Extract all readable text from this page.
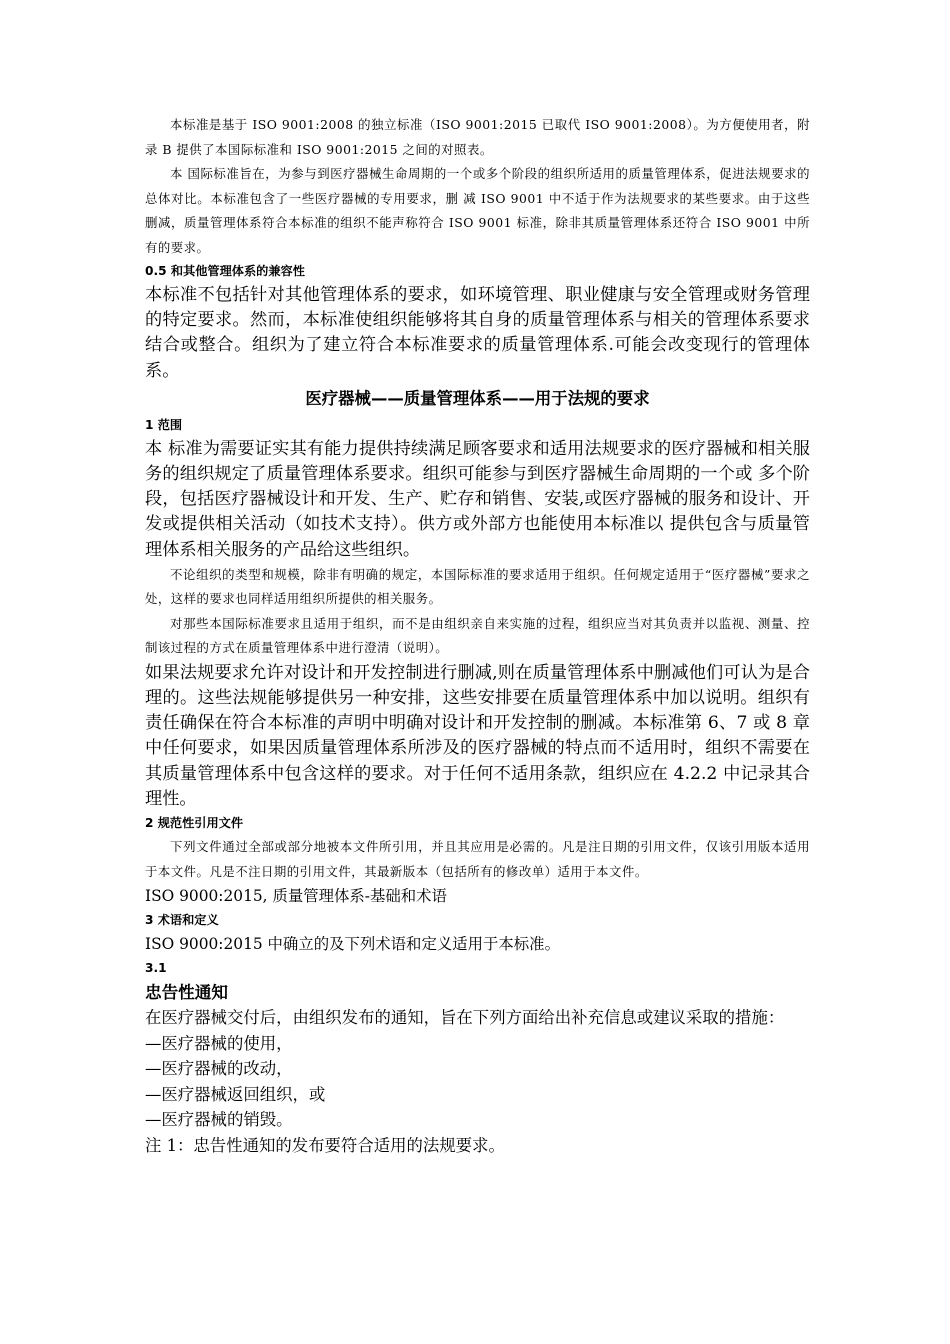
本标准是基于 ISO 9001:2008 的独立标准（ISO 9001:2015 已取代 ISO 9001:2008）。为方便使用者，附录 B 提供了本国际标准和 ISO 9001:2015 之间的对照表。

本 国际标准旨在，为参与到医疗器械生命周期的一个或多个阶段的组织所适用的质量管理体系，促进法规要求的总体对比。本标准包含了一些医疗器械的专用要求，删 减 ISO 9001 中不适于作为法规要求的某些要求。由于这些删减，质量管理体系符合本标准的组织不能声称符合 ISO 9001 标准，除非其质量管理体系还符合 ISO 9001 中所有的要求。

0.5 和其他管理体系的兼容性

本标准不包括针对其他管理体系的要求，如环境管理、职业健康与安全管理或财务管理的特定要求。然而，本标准使组织能够将其自身的质量管理体系与相关的管理体系要求结合或整合。组织为了建立符合本标准要求的质量管理体系.可能会改变现行的管理体系。

医疗器械——质量管理体系——用于法规的要求

1 范围

本 标准为需要证实其有能力提供持续满足顾客要求和适用法规要求的医疗器械和相关服务的组织规定了质量管理体系要求。组织可能参与到医疗器械生命周期的一个或 多个阶段，包括医疗器械设计和开发、生产、贮存和销售、安装,或医疗器械的服务和设计、开发或提供相关活动（如技术支持）。供方或外部方也能使用本标准以 提供包含与质量管理体系相关服务的产品给这些组织。

不论组织的类型和规模，除非有明确的规定，本国际标准的要求适用于组织。任何规定适用于“医疗器械”要求之处，这样的要求也同样适用组织所提供的相关服务。

对那些本国际标准要求且适用于组织，而不是由组织亲自来实施的过程，组织应当对其负责并以监视、测量、控制该过程的方式在质量管理体系中进行澄清（说明）。

如果法规要求允许对设计和开发控制进行删减,则在质量管理体系中删减他们可认为是合理的。这些法规能够提供另一种安排，这些安排要在质量管理体系中加以说明。组织有责任确保在符合本标准的声明中明确对设计和开发控制的删减。本标准第 6、7 或 8 章中任何要求，如果因质量管理体系所涉及的医疗器械的特点而不适用时，组织不需要在其质量管理体系中包含这样的要求。对于任何不适用条款，组织应在 4.2.2 中记录其合理性。

2 规范性引用文件

下列文件通过全部或部分地被本文件所引用，并且其应用是必需的。凡是注日期的引用文件，仅该引用版本适用于本文件。凡是不注日期的引用文件，其最新版本（包括所有的修改单）适用于本文件。

ISO 9000:2015, 质量管理体系-基础和术语

3 术语和定义

ISO 9000:2015 中确立的及下列术语和定义适用于本标准。

3.1

忠告性通知

在医疗器械交付后，由组织发布的通知，旨在下列方面给出补充信息或建议采取的措施：

—医疗器械的使用，

—医疗器械的改动，

—医疗器械返回组织，或

—医疗器械的销毁。

注 1：忠告性通知的发布要符合适用的法规要求。
